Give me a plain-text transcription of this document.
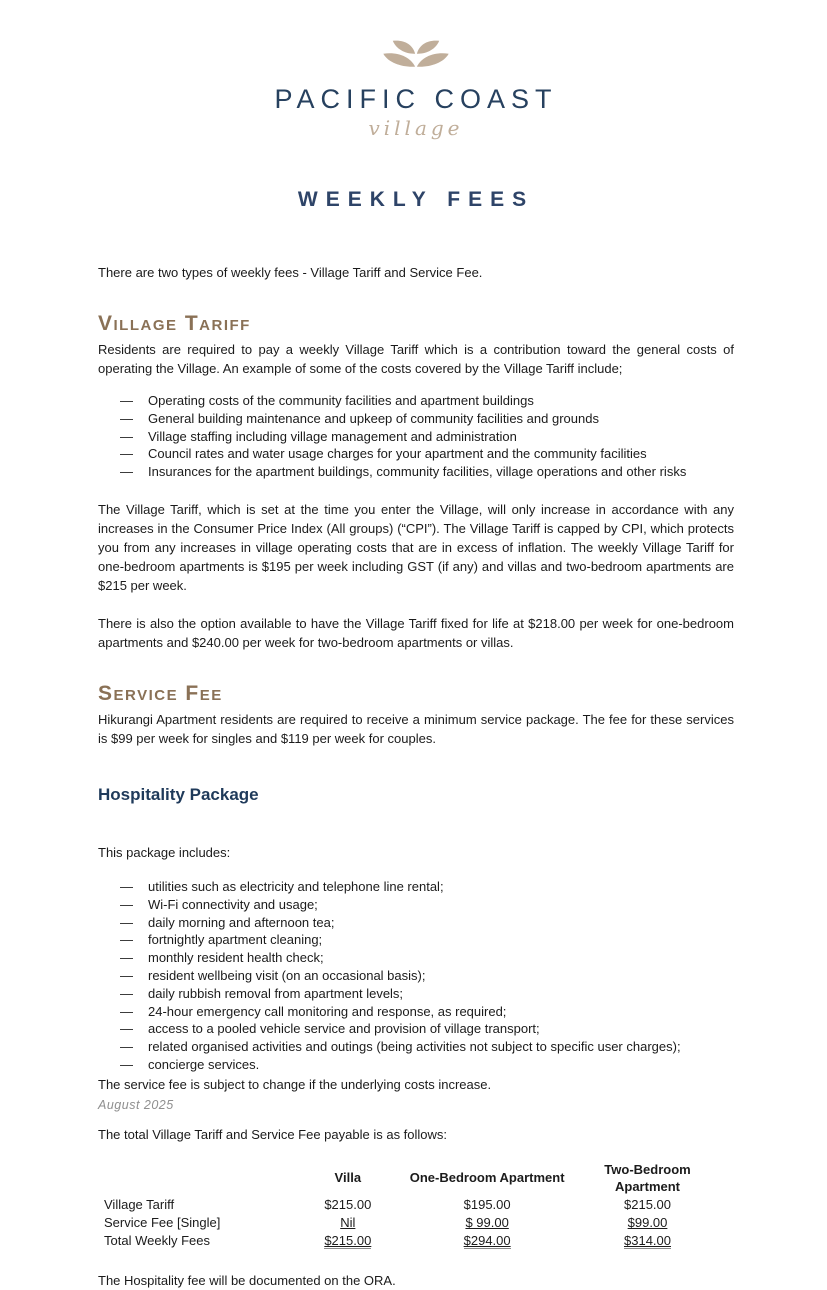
PACIFIC COAST
village
WEEKLY FEES

There are two types of weekly fees - Village Tariff and Service Fee.

Village Tariff

Residents are required to pay a weekly Village Tariff which is a contribution toward the general costs of operating the Village. An example of some of the costs covered by the Village Tariff include;

—	Operating costs of the community facilities and apartment buildings
—	General building maintenance and upkeep of community facilities and grounds
—	Village staffing including village management and administration
—	Council rates and water usage charges for your apartment and the community facilities
—	Insurances for the apartment buildings, community facilities, village operations and other risks

The Village Tariff, which is set at the time you enter the Village, will only increase in accordance with any increases in the Consumer Price Index (All groups) (“CPI”). The Village Tariff is capped by CPI, which protects you from any increases in village operating costs that are in excess of inflation. The weekly Village Tariff for one-bedroom apartments is $195 per week including GST (if any) and villas and two-bedroom apartments are $215 per week.

There is also the option available to have the Village Tariff fixed for life at $218.00 per week for one-bedroom apartments and $240.00 per week for two-bedroom apartments or villas.

Service Fee

Hikurangi Apartment residents are required to receive a minimum service package. The fee for these services is $99 per week for singles and $119 per week for couples.

Hospitality Package

This package includes:

—	utilities such as electricity and telephone line rental;
—	Wi-Fi connectivity and usage;
—	daily morning and afternoon tea;
—	fortnightly apartment cleaning;
—	monthly resident health check;
—	resident wellbeing visit (on an occasional basis);
—	daily rubbish removal from apartment levels;
—	24-hour emergency call monitoring and response, as required;
—	access to a pooled vehicle service and provision of village transport;
—	related organised activities and outings (being activities not subject to specific user charges);
—	concierge services.

The service fee is subject to change if the underlying costs increase.

The total Village Tariff and Service Fee payable is as follows:

	Villa	One-Bedroom Apartment	Two-Bedroom Apartment
Village Tariff	$215.00	$195.00	$215.00
Service Fee [Single]	Nil	$ 99.00	$99.00
Total Weekly Fees	$215.00	$294.00	$314.00

The Hospitality fee will be documented on the ORA.

August 2025
